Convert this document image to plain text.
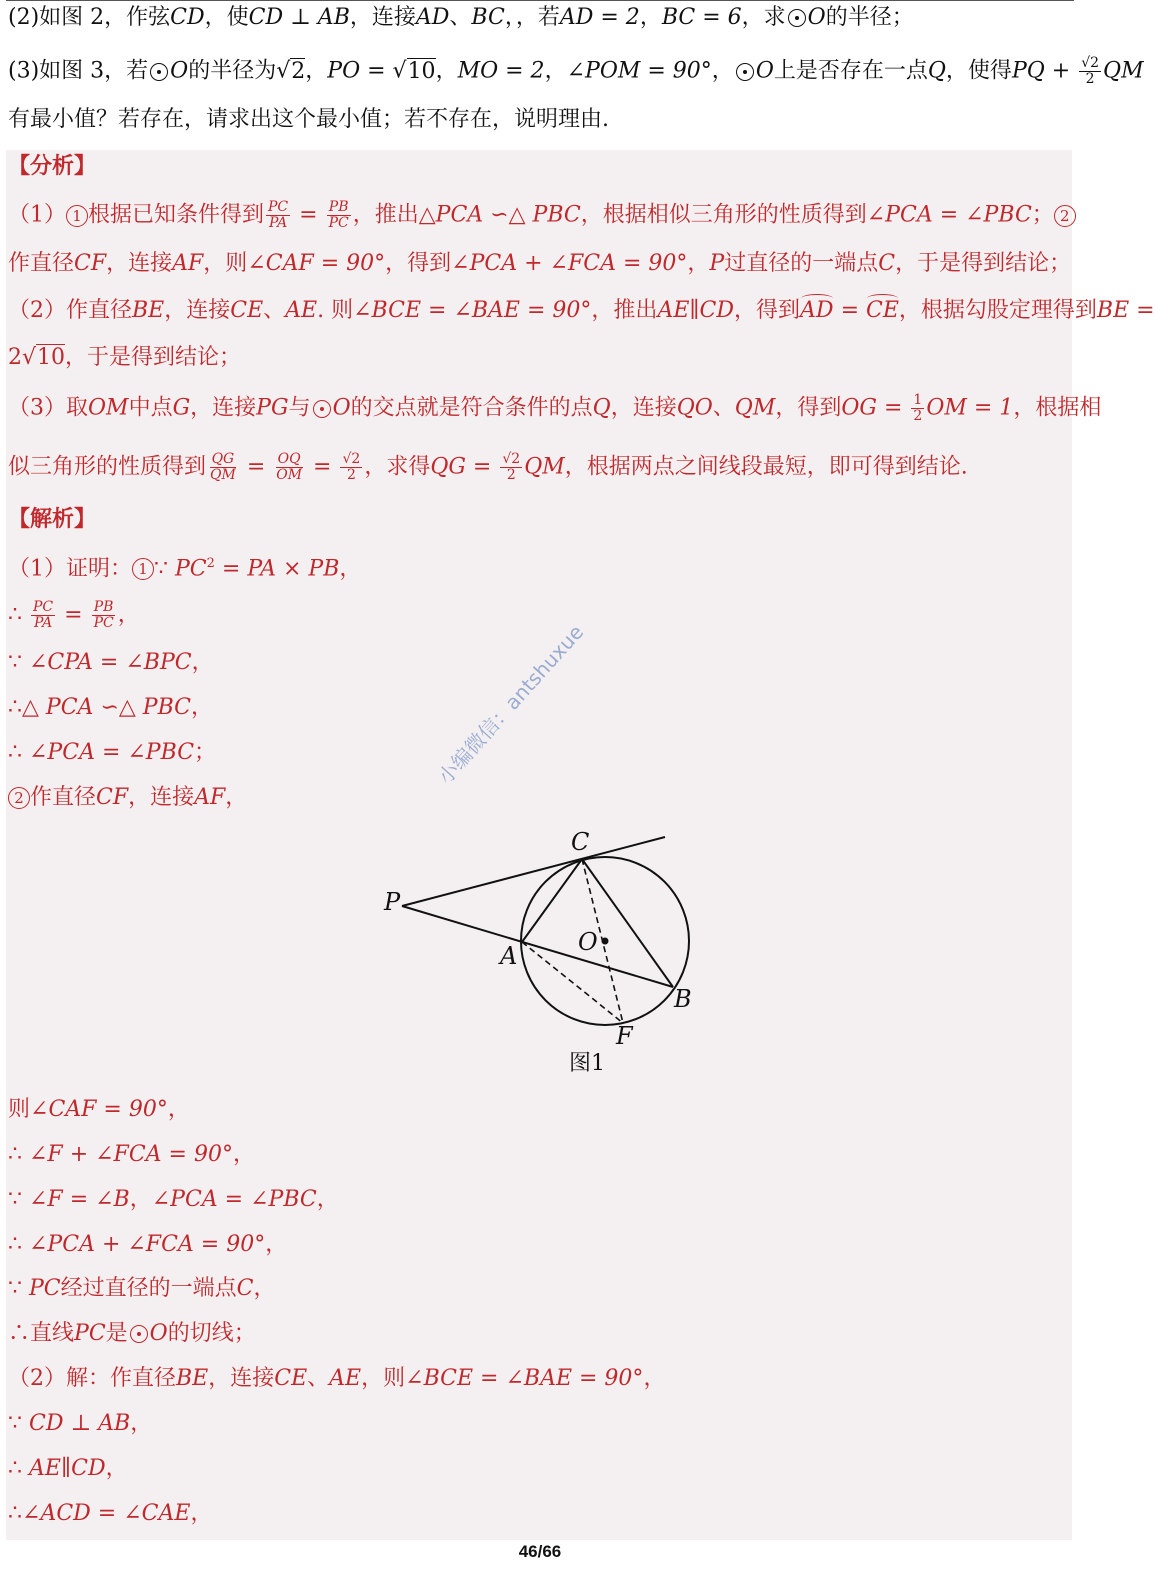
(2)如图 2，作弦CD，使CD ⊥ AB，连接AD、BC，，若AD = 2，BC = 6，求 O的半径；
(3)如图 3，若 O的半径为√2，PO = √10，MO = 2，∠POM = 90°， O上是否存在一点Q，使得PQ + $\frac{√2}{2}$ QM
有最小值？若存在，请求出这个最小值；若不存在，说明理由.
【分析】
（1） 1 根据已知条件得到 $\frac{PC}{PA} = \frac{PB}{PC}$ ，推出△PCA ∽△ PBC，根据相似三角形的性质得到∠PCA = ∠PBC； 2
作直径CF，连接AF，则∠CAF = 90°，得到∠PCA + ∠FCA = 90°，P过直径的一端点C，于是得到结论；
（2）作直径BE，连接CE、AE. 则∠BCE = ∠BAE = 90°，推出AE∥CD，得到AD = CE，根据勾股定理得到BE =
2√10，于是得到结论；
（3）取OM中点G，连接PG与 O的交点就是符合条件的点Q，连接QO、QM，得到OG = $\frac{1}{2}$ OM = 1，根据相
似三角形的性质得到 $\frac{QG}{QM} = \frac{OQ}{OM} = \frac{√2}{2}$ ，求得QG = $\frac{√2}{2}$ QM，根据两点之间线段最短，即可得到结论.
【解析】
（1）证明： 1 ∵ $PC^2$ = PA × PB，
∴ $\frac{PC}{PA} = \frac{PB}{PC}$ ，
∵ ∠CPA = ∠BPC，
∴△ PCA ∽△ PBC，
∴ ∠PCA = ∠PBC；
2 作直径CF，连接AF，
小编微信：antshuxue
C
P
O
A
B
F
图1
则∠CAF = 90°，
∴ ∠F + ∠FCA = 90°，
∵ ∠F = ∠B，∠PCA = ∠PBC，
∴ ∠PCA + ∠FCA = 90°，
∵ PC经过直径的一端点C，
∴直线PC是 O的切线；
（2）解：作直径BE，连接CE、AE，则∠BCE = ∠BAE = 90°，
∵ CD ⊥ AB，
∴ AE∥CD，
∴∠ACD = ∠CAE，
46/66
